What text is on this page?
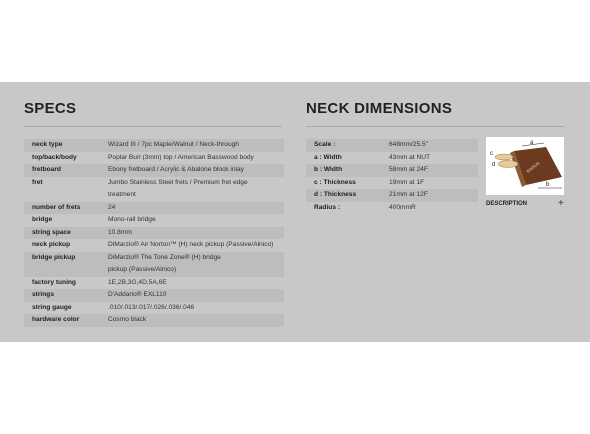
SPECS
neck type	Wizard III / 7pc Maple/Walnut / Neck-through
top/back/body	Poplar Burl (3mm) top / American Basswood body
fretboard	Ebony fretboard / Acrylic & Abalone block inlay
fret	Jumbo Stainless Steel frets / Premium fret edge
treatment

number of frets	24
bridge	Mono-rail bridge
string space	10.8mm
neck pickup	DiMarzio® Air Norton™ (H) neck pickup (Passive/Alnico)
bridge pickup	DiMarzio® The Tone Zone® (H) bridge
pickup (Passive/Alnico)

factory tuning	1E,2B,3G,4D,5A,6E
strings	D'Addario® EXL110
string gauge	.010/.013/.017/.026/.036/.046
hardware color	Cosmo black
NECK DIMENSIONS
Scale :	648mm/25.5"
a : Width	43mm at NUT
b : Width	58mm at 24F
c : Thickness	19mm at 1F
d : Thickness	21mm at 12F
Radius :	400mmR
a
c
d
b
RADIUS
DESCRIPTION	+
